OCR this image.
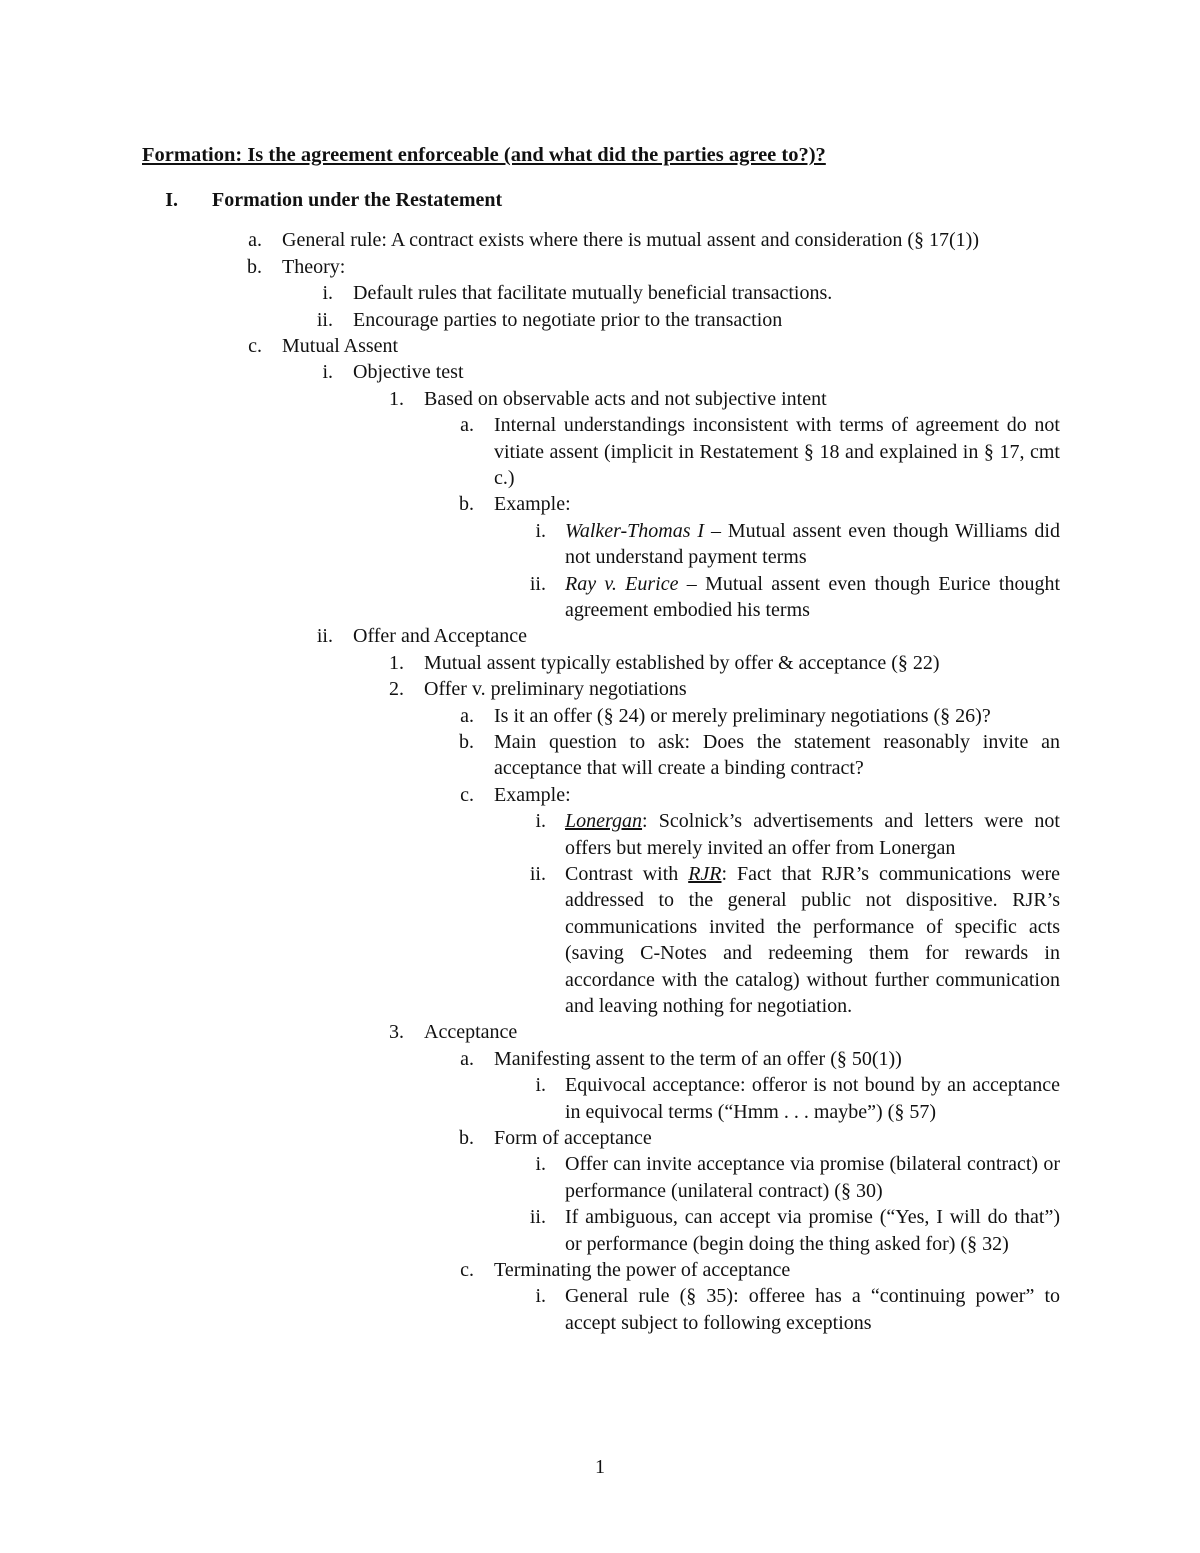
Formation: Is the agreement enforceable (and what did the parties agree to?)?
I. Formation under the Restatement
a. General rule: A contract exists where there is mutual assent and consideration (§ 17(1))
b. Theory:
i. Default rules that facilitate mutually beneficial transactions.
ii. Encourage parties to negotiate prior to the transaction
c. Mutual Assent
i. Objective test
1. Based on observable acts and not subjective intent
a. Internal understandings inconsistent with terms of agreement do not vitiate assent (implicit in Restatement § 18 and explained in § 17, cmt c.)
b. Example:
i. Walker-Thomas I – Mutual assent even though Williams did not understand payment terms
ii. Ray v. Eurice – Mutual assent even though Eurice thought agreement embodied his terms
ii. Offer and Acceptance
1. Mutual assent typically established by offer & acceptance (§ 22)
2. Offer v. preliminary negotiations
a. Is it an offer (§ 24) or merely preliminary negotiations (§ 26)?
b. Main question to ask: Does the statement reasonably invite an acceptance that will create a binding contract?
c. Example:
i. Lonergan: Scolnick’s advertisements and letters were not offers but merely invited an offer from Lonergan
ii. Contrast with RJR: Fact that RJR’s communications were addressed to the general public not dispositive. RJR’s communications invited the performance of specific acts (saving C-Notes and redeeming them for rewards in accordance with the catalog) without further communication and leaving nothing for negotiation.
3. Acceptance
a. Manifesting assent to the term of an offer (§ 50(1))
i. Equivocal acceptance: offeror is not bound by an acceptance in equivocal terms (“Hmm . . . maybe”) (§ 57)
b. Form of acceptance
i. Offer can invite acceptance via promise (bilateral contract) or performance (unilateral contract) (§ 30)
ii. If ambiguous, can accept via promise (“Yes, I will do that”) or performance (begin doing the thing asked for) (§ 32)
c. Terminating the power of acceptance
i. General rule (§ 35): offeree has a “continuing power” to accept subject to following exceptions
1
